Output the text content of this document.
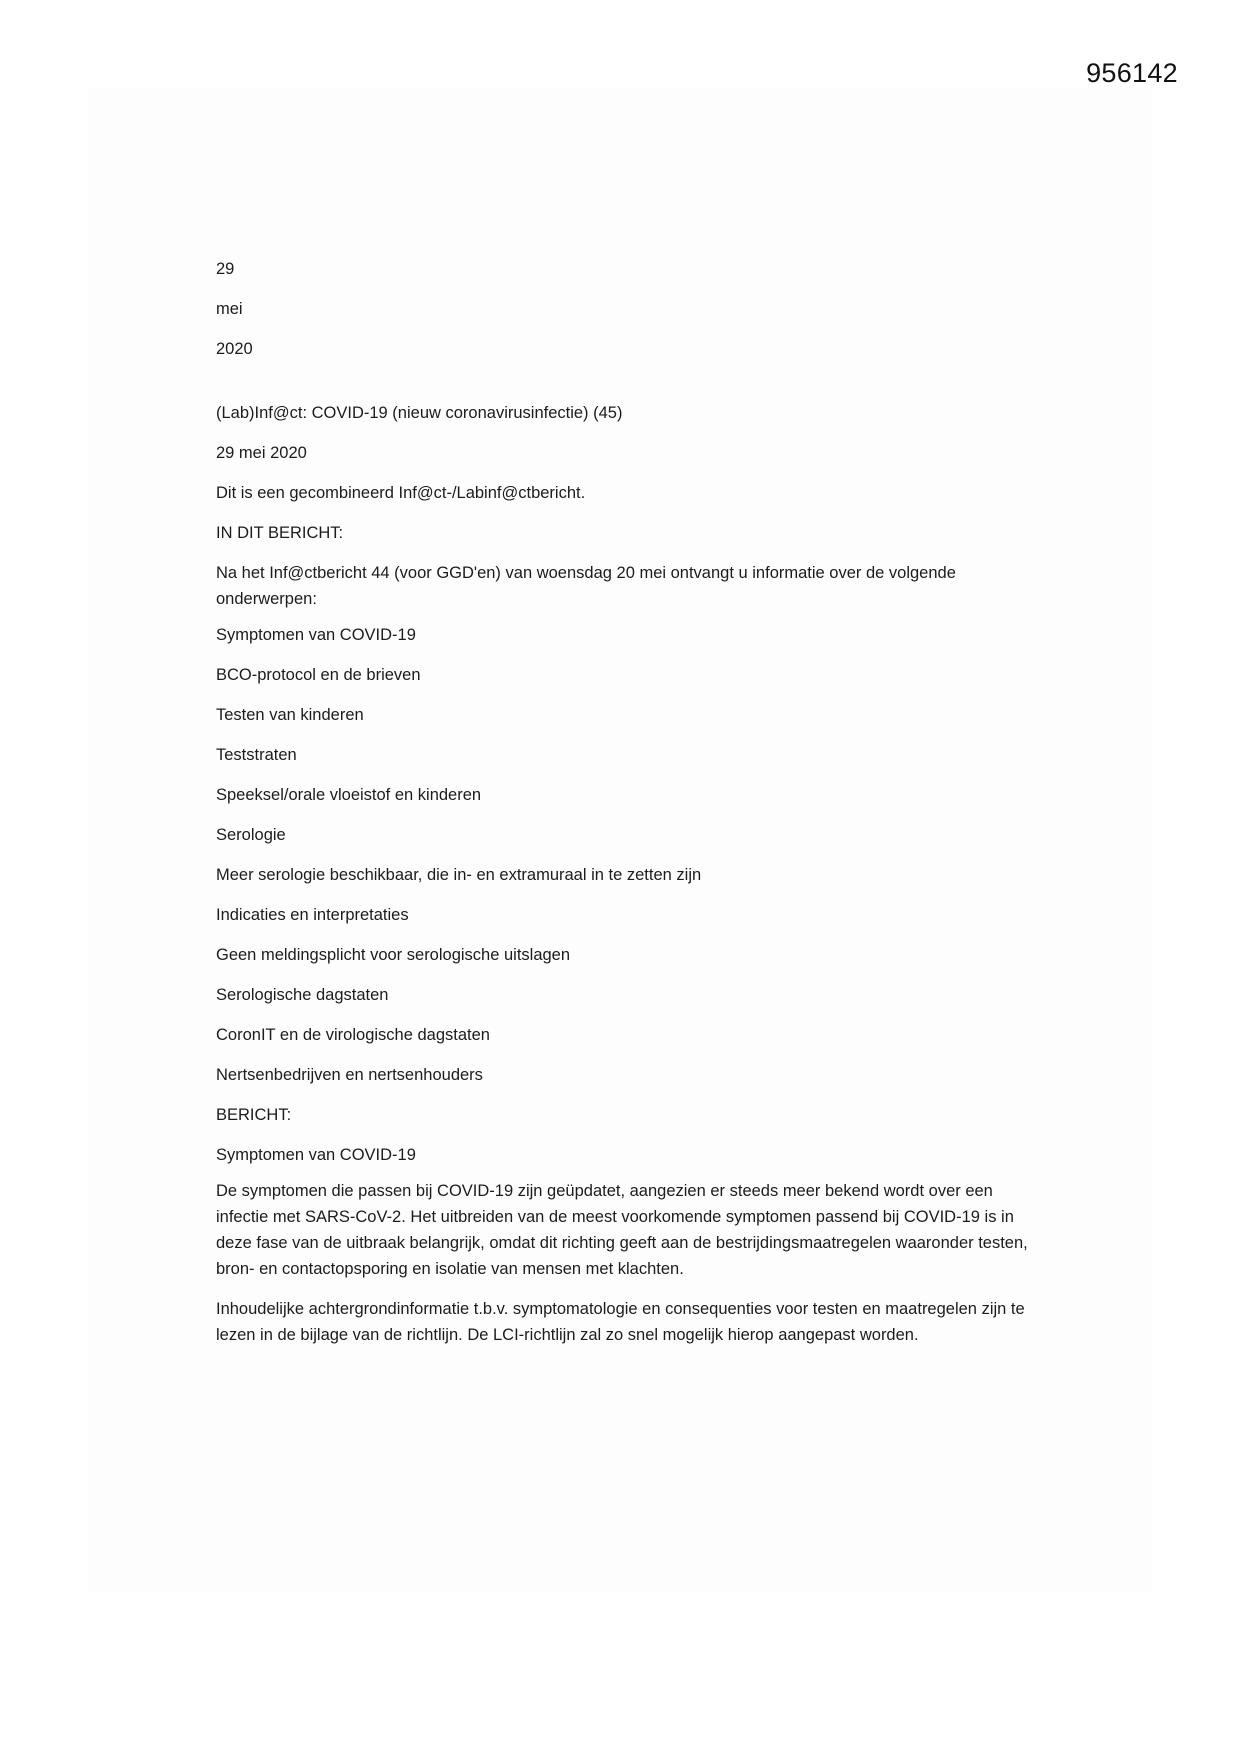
956142

29

mei

2020

(Lab)Inf@ct: COVID-19 (nieuw coronavirusinfectie) (45)

29 mei 2020

Dit is een gecombineerd Inf@ct-/Labinf@ctbericht.

IN DIT BERICHT:

Na het Inf@ctbericht 44 (voor GGD'en) van woensdag 20 mei ontvangt u informatie over de volgende onderwerpen:

Symptomen van COVID-19

BCO-protocol en de brieven

Testen van kinderen

Teststraten

Speeksel/orale vloeistof en kinderen

Serologie

Meer serologie beschikbaar, die in- en extramuraal in te zetten zijn

Indicaties en interpretaties

Geen meldingsplicht voor serologische uitslagen

Serologische dagstaten

CoronIT en de virologische dagstaten

Nertsenbedrijven en nertsenhouders

BERICHT:

Symptomen van COVID-19

De symptomen die passen bij COVID-19 zijn geüpdatet, aangezien er steeds meer bekend wordt over een infectie met SARS-CoV-2. Het uitbreiden van de meest voorkomende symptomen passend bij COVID-19 is in deze fase van de uitbraak belangrijk, omdat dit richting geeft aan de bestrijdingsmaatregelen waaronder testen, bron- en contactopsporing en isolatie van mensen met klachten.

Inhoudelijke achtergrondinformatie t.b.v. symptomatologie en consequenties voor testen en maatregelen zijn te lezen in de bijlage van de richtlijn. De LCI-richtlijn zal zo snel mogelijk hierop aangepast worden.
